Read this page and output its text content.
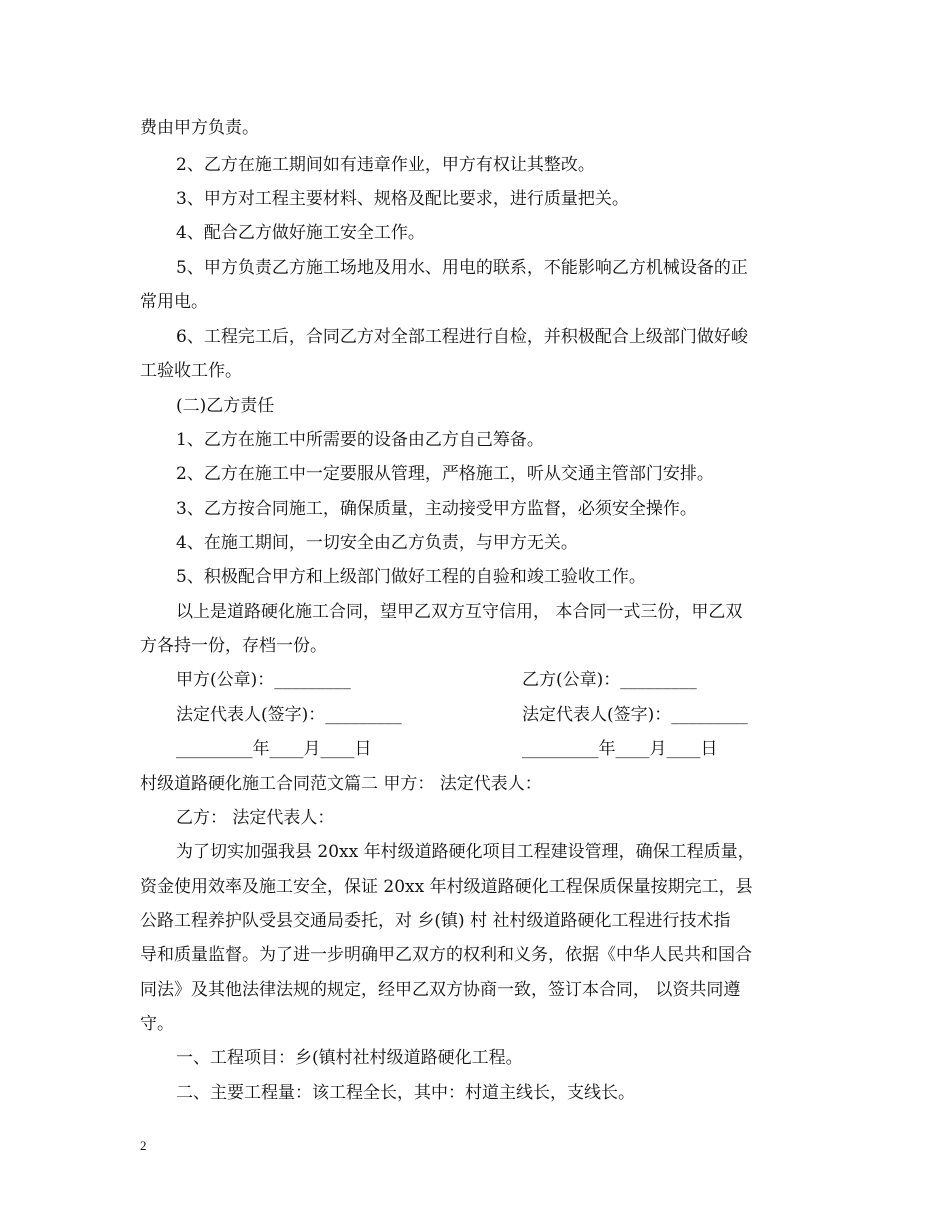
费由甲方负责。
2、乙方在施工期间如有违章作业，甲方有权让其整改。
3、甲方对工程主要材料、规格及配比要求，进行质量把关。
4、配合乙方做好施工安全工作。
5、甲方负责乙方施工场地及用水、用电的联系，不能影响乙方机械设备的正
常用电。
6、工程完工后，合同乙方对全部工程进行自检，并积极配合上级部门做好峻
工验收工作。
(二)乙方责任
1、乙方在施工中所需要的设备由乙方自己筹备。
2、乙方在施工中一定要服从管理，严格施工，听从交通主管部门安排。
3、乙方按合同施工，确保质量，主动接受甲方监督，必须安全操作。
4、在施工期间，一切安全由乙方负责，与甲方无关。
5、积极配合甲方和上级部门做好工程的自验和竣工验收工作。
以上是道路硬化施工合同，望甲乙双方互守信用， 本合同一式三份，甲乙双
方各持一份，存档一份。
甲方(公章)：_________	乙方(公章)：_________
法定代表人(签字)：_________	法定代表人(签字)：_________
_________年____月____日	_________年____月____日
村级道路硬化施工合同范文篇二 甲方： 法定代表人：
乙方： 法定代表人：
为了切实加强我县 20xx 年村级道路硬化项目工程建设管理，确保工程质量，
资金使用效率及施工安全，保证 20xx 年村级道路硬化工程保质保量按期完工，县
公路工程养护队受县交通局委托，对 乡(镇) 村 社村级道路硬化工程进行技术指
导和质量监督。为了进一步明确甲乙双方的权利和义务，依据《中华人民共和国合
同法》及其他法律法规的规定，经甲乙双方协商一致，签订本合同， 以资共同遵
守。
一、工程项目：乡(镇村社村级道路硬化工程。
二、主要工程量：该工程全长，其中：村道主线长，支线长。
2
